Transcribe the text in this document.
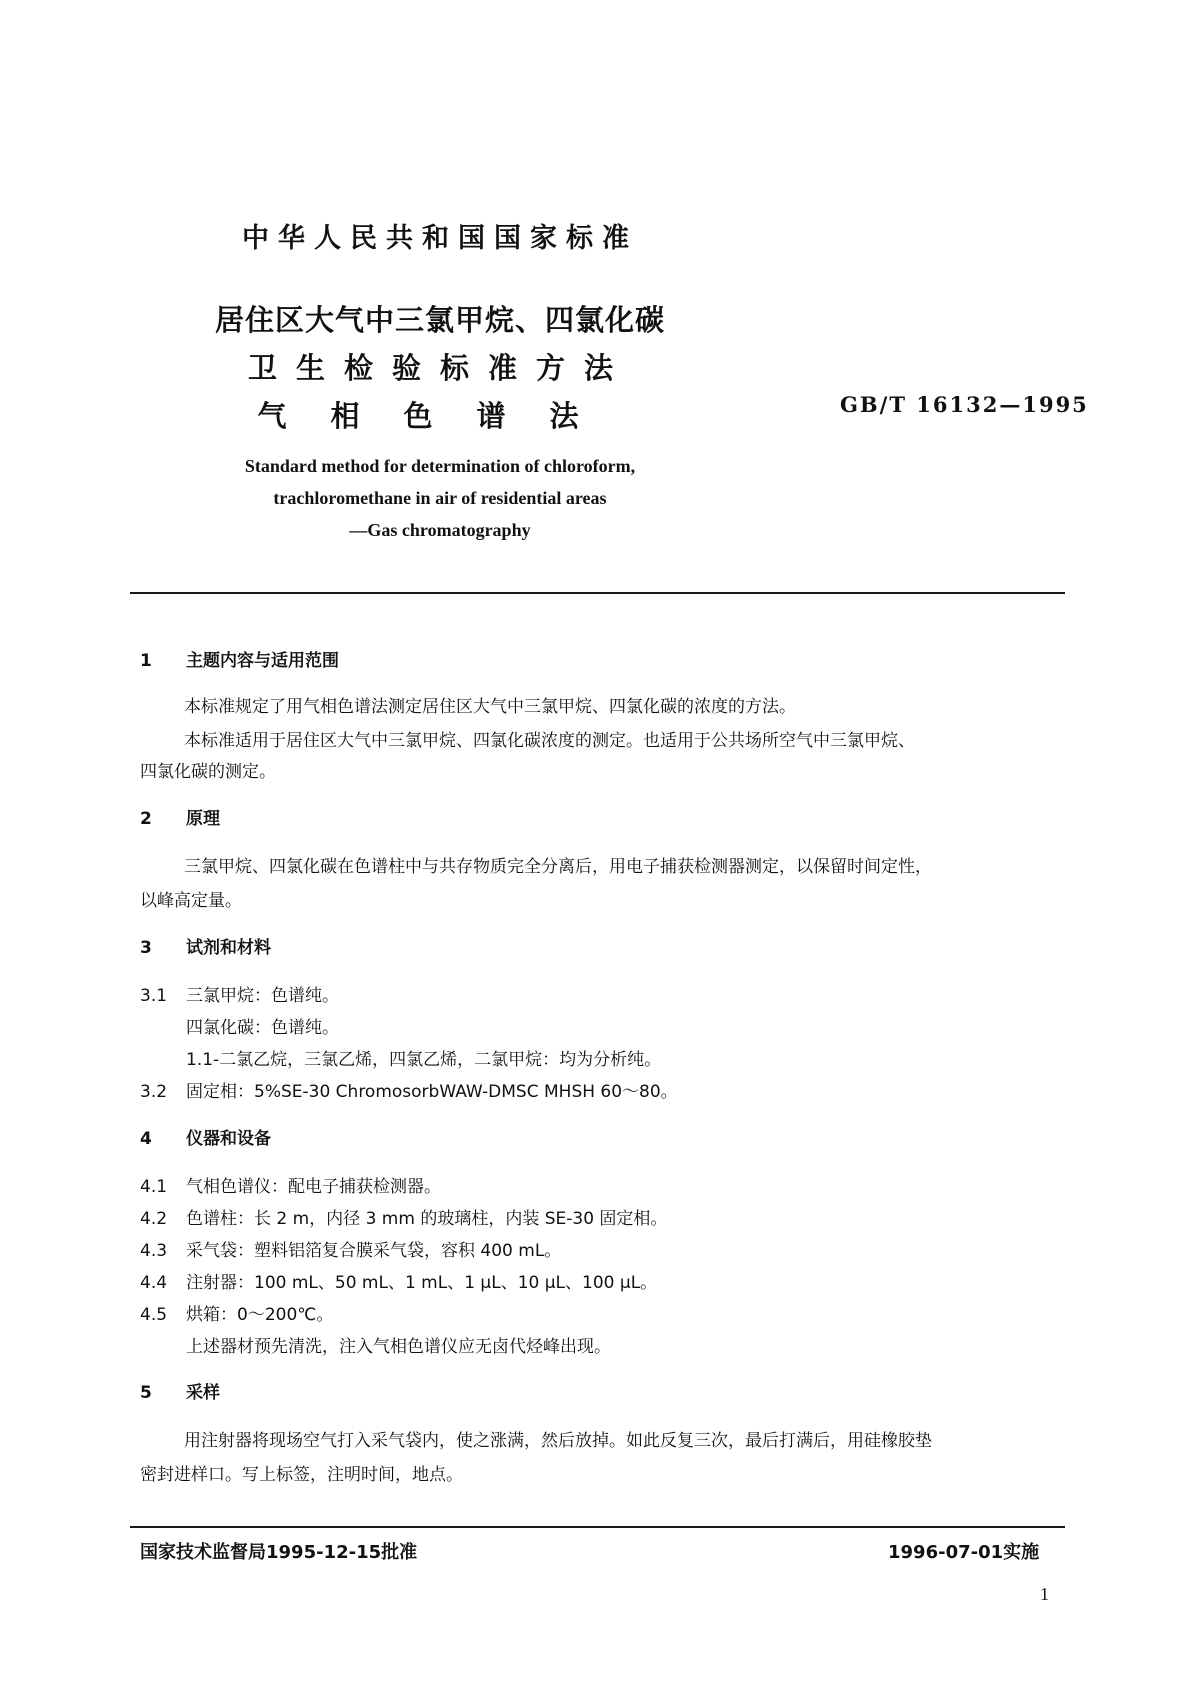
中华人民共和国国家标准
居住区大气中三氯甲烷、四氯化碳
卫生检验标准方法
气相色谱法	GB/T 16132—1995
Standard method for determination of chloroform,
trachloromethane in air of residential areas
—Gas chromatography
1 主题内容与适用范围
本标准规定了用气相色谱法测定居住区大气中三氯甲烷、四氯化碳的浓度的方法。
本标准适用于居住区大气中三氯甲烷、四氯化碳浓度的测定。也适用于公共场所空气中三氯甲烷、
四氯化碳的测定。
2 原理
三氯甲烷、四氯化碳在色谱柱中与共存物质完全分离后，用电子捕获检测器测定，以保留时间定性，
以峰高定量。
3 试剂和材料
3.1 三氯甲烷：色谱纯。
四氯化碳：色谱纯。
1.1-二氯乙烷，三氯乙烯，四氯乙烯，二氯甲烷：均为分析纯。
3.2 固定相：5%SE-30 ChromosorbWAW-DMSC MHSH 60～80。
4 仪器和设备
4.1 气相色谱仪：配电子捕获检测器。
4.2 色谱柱：长 2 m，内径 3 mm 的玻璃柱，内装 SE-30 固定相。
4.3 采气袋：塑料铝箔复合膜采气袋，容积 400 mL。
4.4 注射器：100 mL、50 mL、1 mL、1 μL、10 μL、100 μL。
4.5 烘箱：0～200℃。
上述器材预先清洗，注入气相色谱仪应无卤代烃峰出现。
5 采样
用注射器将现场空气打入采气袋内，使之涨满，然后放掉。如此反复三次，最后打满后，用硅橡胶垫
密封进样口。写上标签，注明时间，地点。
国家技术监督局1995-12-15批准	1996-07-01实施
1
